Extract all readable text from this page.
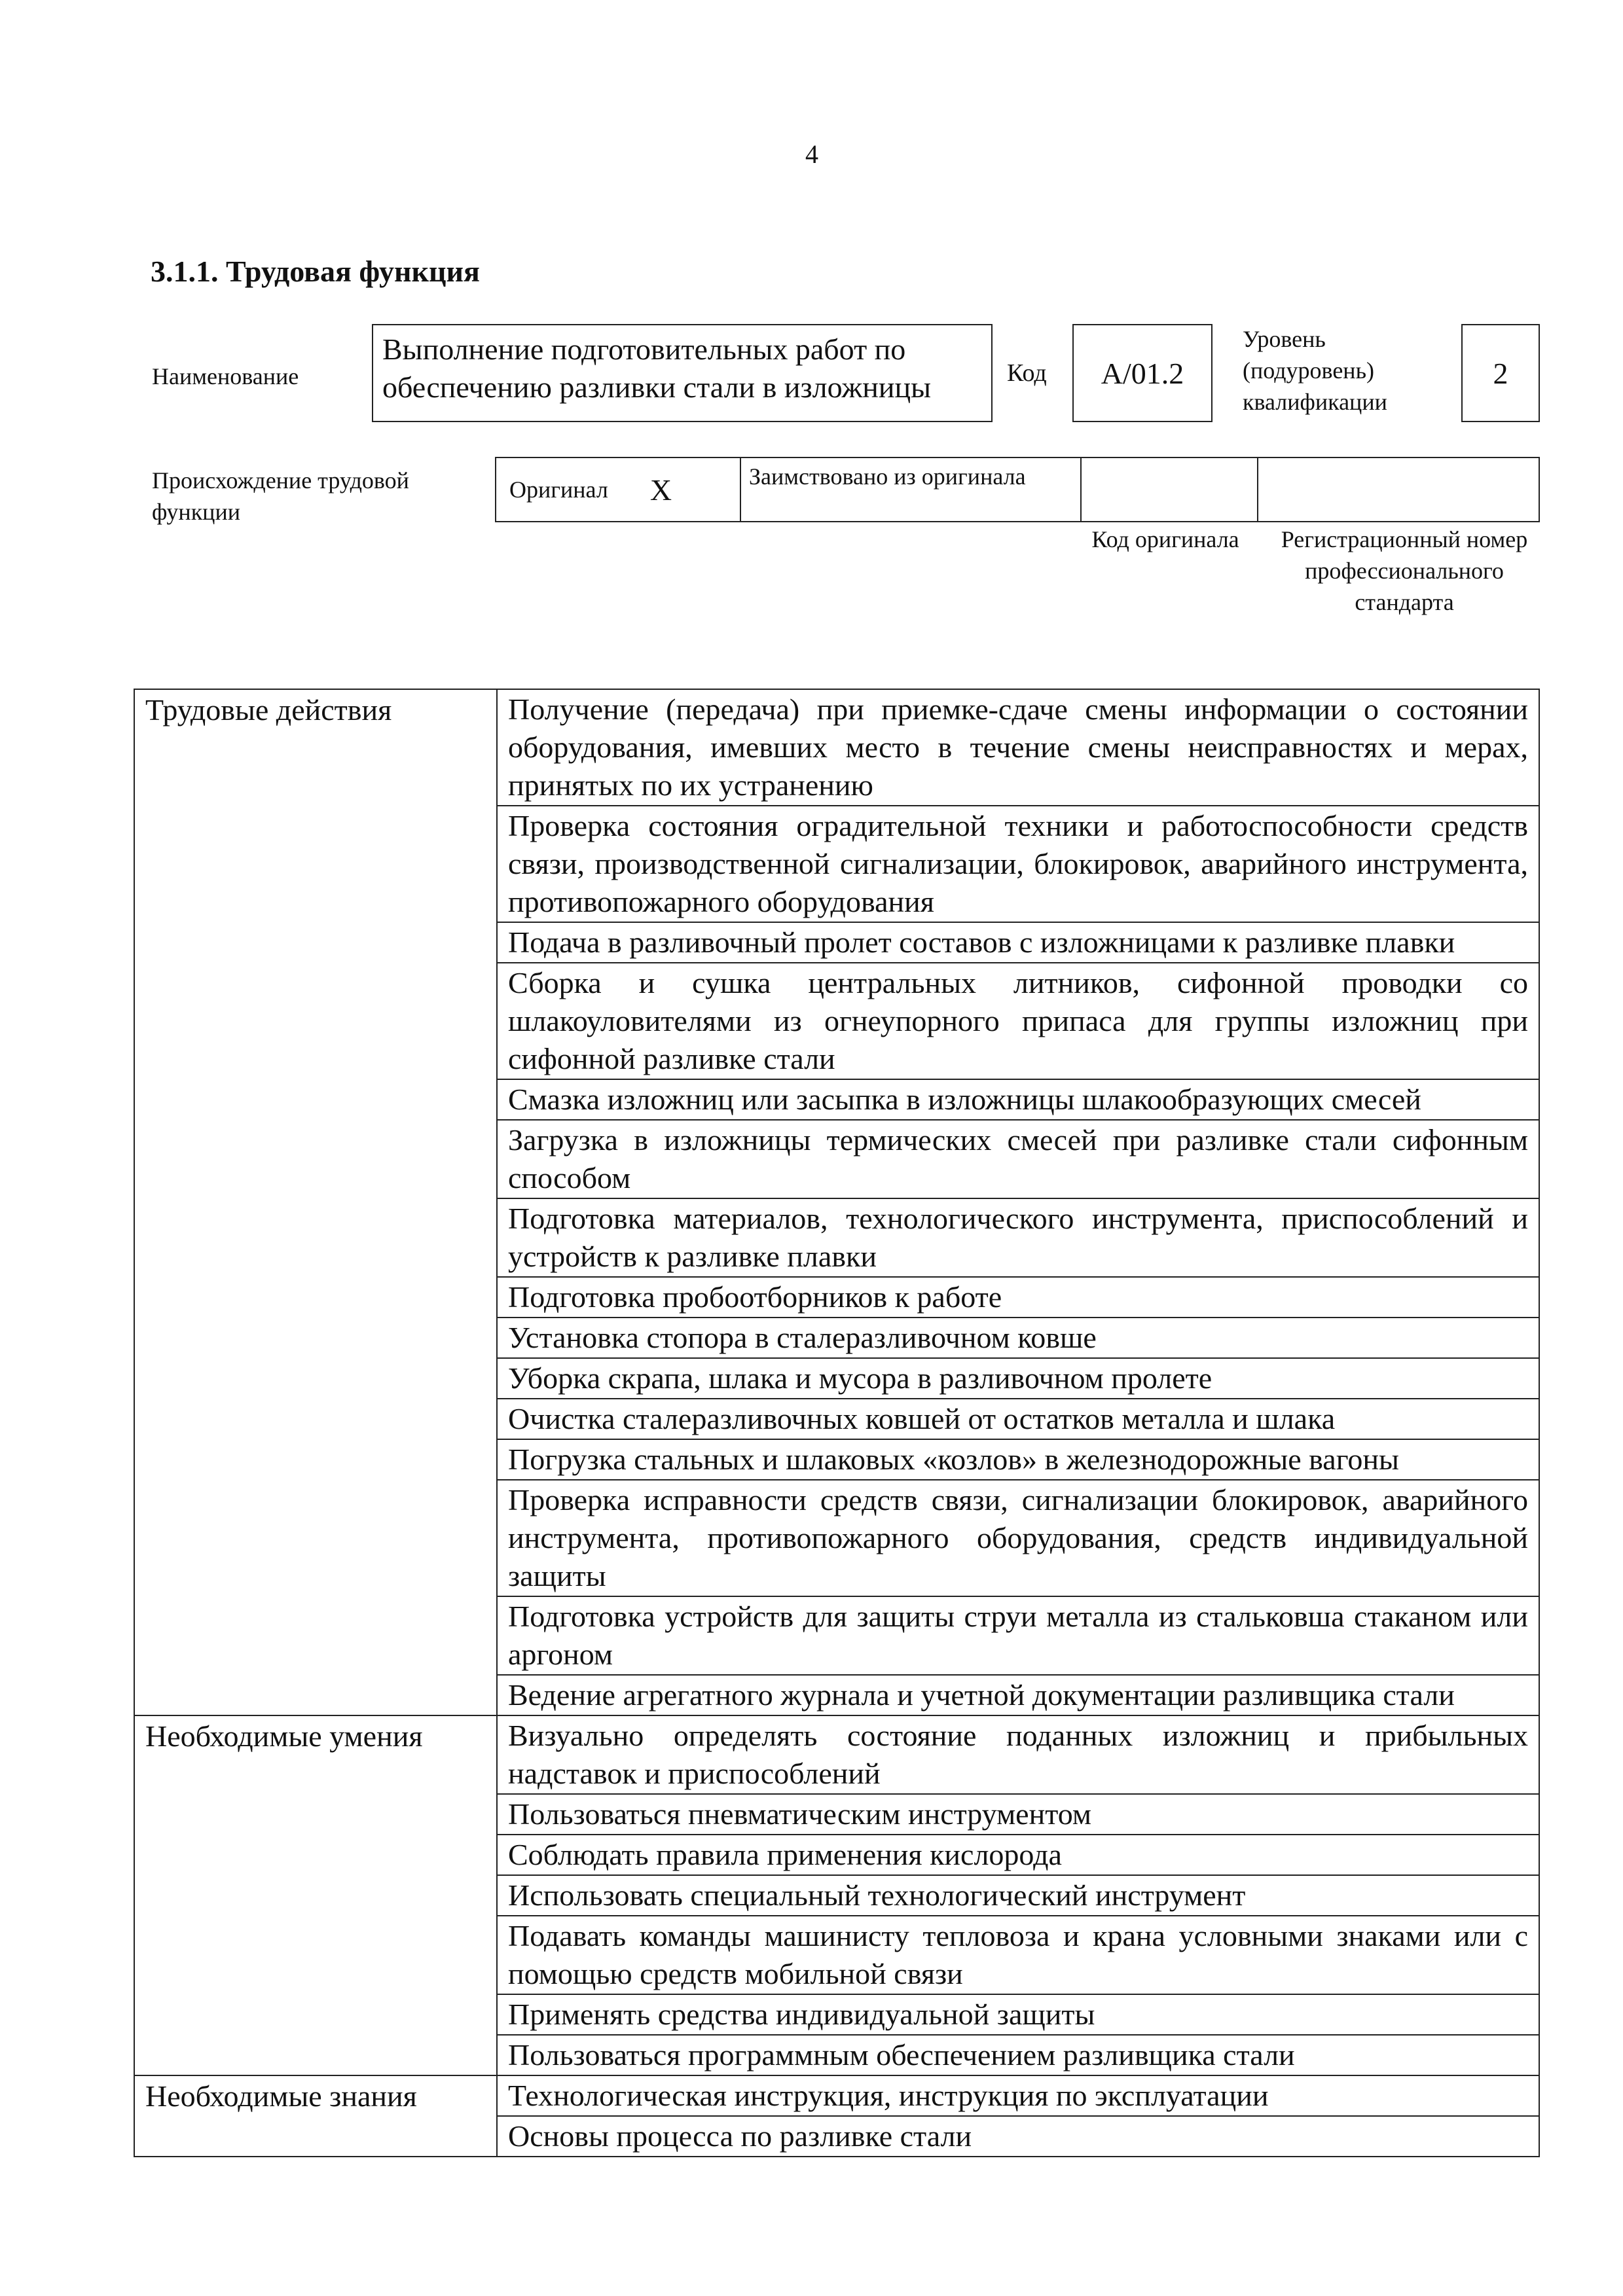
4
3.1.1. Трудовая функция
Наименование
Выполнение подготовительных работ по обеспечению разливки стали в изложницы	Код	A/01.2
Уровень (подуровень) квалификации
2
Происхождение трудовой функции
Оригинал X	Заимствовано из оригинала
Код оригинала	Регистрационный номер профессионального стандарта
Трудовые действия	Получение (передача) при приемке-сдаче смены информации о состоянии оборудования, имевших место в течение смены неисправностях и мерах, принятых по их устранению
	Проверка состояния оградительной техники и работоспособности средств связи, производственной сигнализации, блокировок, аварийного инструмента, противопожарного оборудования
	Подача в разливочный пролет составов с изложницами к разливке плавки
	Сборка и сушка центральных литников, сифонной проводки со шлакоуловителями из огнеупорного припаса для группы изложниц при сифонной разливке стали
	Смазка изложниц или засыпка в изложницы шлакообразующих смесей
	Загрузка в изложницы термических смесей при разливке стали сифонным способом
	Подготовка материалов, технологического инструмента, приспособлений и устройств к разливке плавки
	Подготовка пробоотборников к работе
	Установка стопора в сталеразливочном ковше
	Уборка скрапа, шлака и мусора в разливочном пролете
	Очистка сталеразливочных ковшей от остатков металла и шлака
	Погрузка стальных и шлаковых «козлов» в железнодорожные вагоны
	Проверка исправности средств связи, сигнализации блокировок, аварийного инструмента, противопожарного оборудования, средств индивидуальной защиты
	Подготовка устройств для защиты струи металла из стальковша стаканом или аргоном
	Ведение агрегатного журнала и учетной документации разливщика стали
Необходимые умения	Визуально определять состояние поданных изложниц и прибыльных надставок и приспособлений
	Пользоваться пневматическим инструментом
	Соблюдать правила применения кислорода
	Использовать специальный технологический инструмент
	Подавать команды машинисту тепловоза и крана условными знаками или с помощью средств мобильной связи
	Применять средства индивидуальной защиты
	Пользоваться программным обеспечением разливщика стали
Необходимые знания	Технологическая инструкция, инструкция по эксплуатации
	Основы процесса по разливке стали
